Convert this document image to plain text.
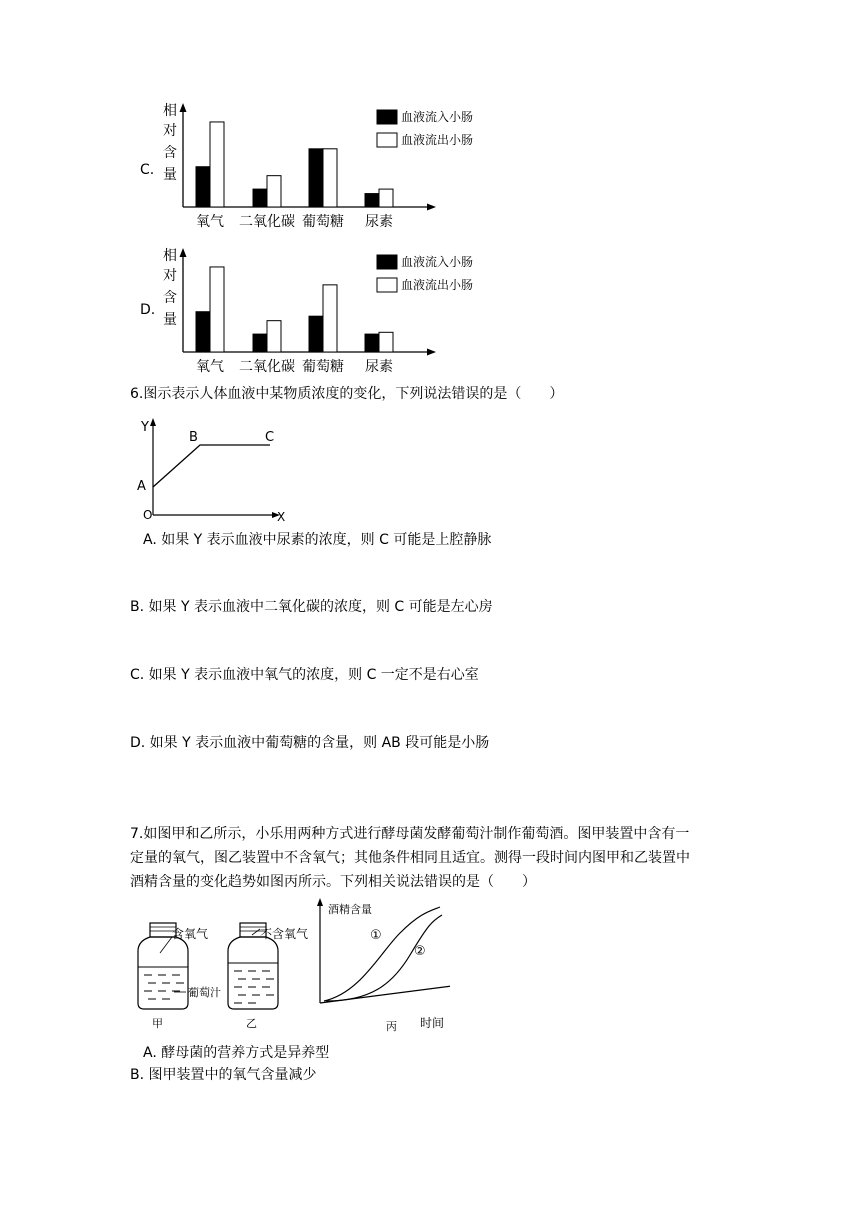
C.
相
对
含
量
氧气 二氧化碳 葡萄糖 尿素
血液流入小肠
血液流出小肠
D.
相
对
含
量
氧气 二氧化碳 葡萄糖 尿素
血液流入小肠
血液流出小肠
6.图示表示人体血液中某物质浓度的变化，下列说法错误的是（　　）
Y
X
O
A
B	C
A. 如果 Y 表示血液中尿素的浓度，则 C 可能是上腔静脉
B. 如果 Y 表示血液中二氧化碳的浓度，则 C 可能是左心房
C. 如果 Y 表示血液中氧气的浓度，则 C 一定不是右心室
D. 如果 Y 表示血液中葡萄糖的含量，则 AB 段可能是小肠
7.如图甲和乙所示，小乐用两种方式进行酵母菌发酵葡萄汁制作葡萄酒。图甲装置中含有一
定量的氧气，图乙装置中不含氧气；其他条件相同且适宜。测得一段时间内图甲和乙装置中
酒精含量的变化趋势如图丙所示。下列相关说法错误的是（　　）
含氧气
甲
不含氧气
乙
葡萄汁
酒精含量
①
②
时间
丙
A. 酵母菌的营养方式是异养型
B. 图甲装置中的氧气含量减少
